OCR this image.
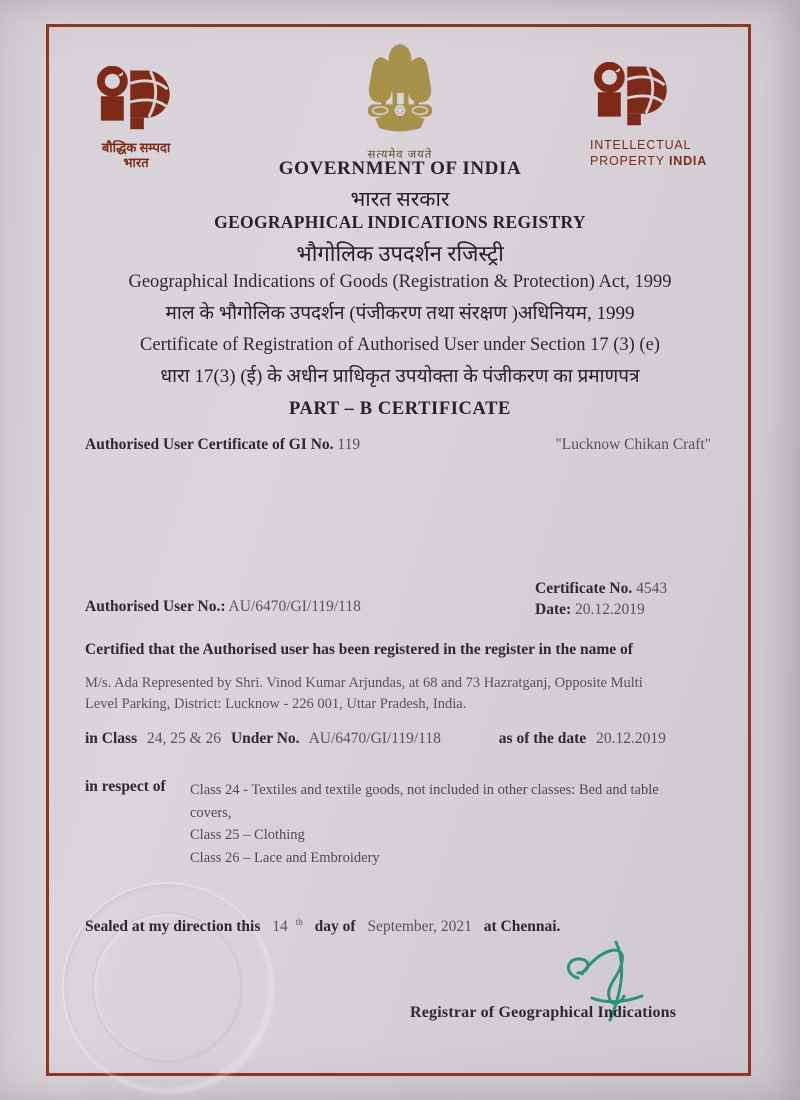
बौद्धिक सम्पदा
भारत	सत्यमेव जयते
INTELLECTUAL
PROPERTY INDIA
GOVERNMENT OF INDIA
भारत सरकार
GEOGRAPHICAL INDICATIONS REGISTRY
भौगोलिक उपदर्शन रजिस्ट्री
Geographical Indications of Goods (Registration & Protection) Act, 1999
माल के भौगोलिक उपदर्शन (पंजीकरण तथा संरक्षण )अधिनियम, 1999
Certificate of Registration of Authorised User under Section 17 (3) (e)
धारा 17(3) (ई) के अधीन प्राधिकृत उपयोक्ता के पंजीकरण का प्रमाणपत्र
PART – B CERTIFICATE
Authorised User Certificate of GI No. 119	"Lucknow Chikan Craft"
Certificate No. 4543
Date: 20.12.2019
Authorised User No.: AU/6470/GI/119/118
Certified that the Authorised user has been registered in the register in the name of
M/s. Ada Represented by Shri. Vinod Kumar Arjundas, at 68 and 73 Hazratganj, Opposite Multi
Level Parking, District: Lucknow - 226 001, Uttar Pradesh, India.
in Class 24, 25 & 26 Under No. AU/6470/GI/119/118	as of the date 20.12.2019
in respect of Class 24 - Textiles and textile goods, not included in other classes: Bed and table
covers,
Class 25 – Clothing
Class 26 – Lace and Embroidery
Sealed at my direction this 14 $^{th}$ day of September, 2021 at Chennai.
Registrar of Geographical Indications
